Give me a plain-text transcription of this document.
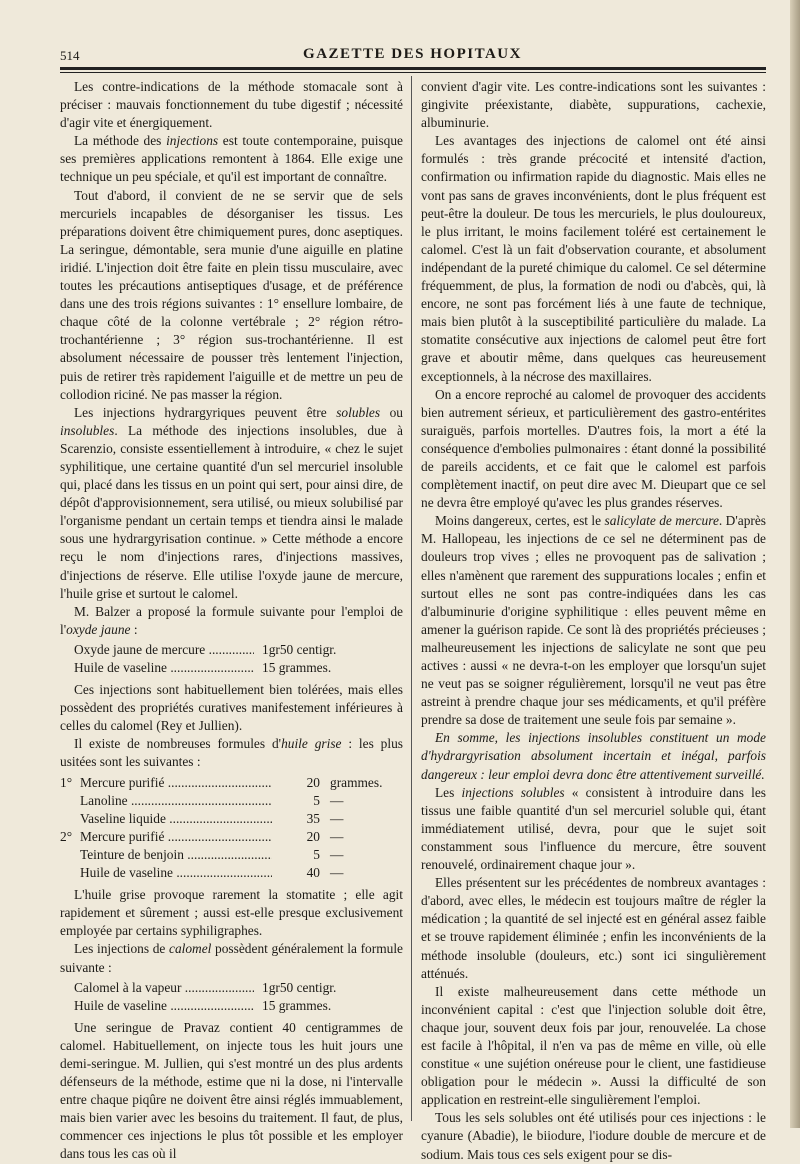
514	GAZETTE DES HOPITAUX

Les contre-indications de la méthode stomacale sont à préciser : mauvais fonctionnement du tube digestif ; nécessité d'agir vite et énergiquement.

La méthode des injections est toute contemporaine, puisque ses premières applications remontent à 1864. Elle exige une technique un peu spéciale, et qu'il est important de connaître.

Tout d'abord, il convient de ne se servir que de sels mercuriels incapables de désorganiser les tissus. Les préparations doivent être chimiquement pures, donc aseptiques. La seringue, démontable, sera munie d'une aiguille en platine iridié. L'injection doit être faite en plein tissu musculaire, avec toutes les précautions antiseptiques d'usage, et de préférence dans une des trois régions suivantes : 1° ensellure lombaire, de chaque côté de la colonne vertébrale ; 2° région rétro-trochantérienne ; 3° région sus-trochantérienne. Il est absolument nécessaire de pousser très lentement l'injection, puis de retirer très rapidement l'aiguille et de mettre un peu de collodion riciné. Ne pas masser la région.

Les injections hydrargyriques peuvent être solubles ou insolubles. La méthode des injections insolubles, due à Scarenzio, consiste essentiellement à introduire, « chez le sujet syphilitique, une certaine quantité d'un sel mercuriel insoluble qui, placé dans les tissus en un point qui sert, pour ainsi dire, de dépôt d'approvisionnement, sera utilisé, ou mieux solubilisé par l'organisme pendant un certain temps et tiendra ainsi le malade sous une hydrargyrisation continue. » Cette méthode a encore reçu le nom d'injections rares, d'injections massives, d'injections de réserve. Elle utilise l'oxyde jaune de mercure, l'huile grise et surtout le calomel.

M. Balzer a proposé la formule suivante pour l'emploi de l'oxyde jaune :

Oxyde jaune de mercure .....	1gr50 centigr.
Huile de vaseline .....	15 grammes.

Ces injections sont habituellement bien tolérées, mais elles possèdent des propriétés curatives manifestement inférieures à celles du calomel (Rey et Jullien).

Il existe de nombreuses formules d'huile grise : les plus usitées sont les suivantes :

1° Mercure purifié .....	20 grammes.
Lanoline .....	5 —
Vaseline liquide .....	35 —
2° Mercure purifié .....	20 —
Teinture de benjoin .....	5 —
Huile de vaseline .....	40 —

L'huile grise provoque rarement la stomatite ; elle agit rapidement et sûrement ; aussi est-elle presque exclusivement employée par certains syphiligraphes.

Les injections de calomel possèdent généralement la formule suivante :

Calomel à la vapeur .....	1gr50 centigr.
Huile de vaseline .....	15 grammes.

Une seringue de Pravaz contient 40 centigrammes de calomel. Habituellement, on injecte tous les huit jours une demi-seringue. M. Jullien, qui s'est montré un des plus ardents défenseurs de la méthode, estime que ni la dose, ni l'intervalle entre chaque piqûre ne doivent être ainsi réglés immuablement, mais bien varier avec les besoins du traitement. Il faut, de plus, commencer ces injections le plus tôt possible et les employer dans tous les cas où il

convient d'agir vite. Les contre-indications sont les suivantes : gingivite préexistante, diabète, suppurations, cachexie, albuminurie.

Les avantages des injections de calomel ont été ainsi formulés : très grande précocité et intensité d'action, confirmation ou infirmation rapide du diagnostic. Mais elles ne vont pas sans de graves inconvénients, dont le plus fréquent est peut-être la douleur. De tous les mercuriels, le plus douloureux, le plus irritant, le moins facilement toléré est certainement le calomel. C'est là un fait d'observation courante, et absolument indépendant de la pureté chimique du calomel. Ce sel détermine fréquemment, de plus, la formation de nodi ou d'abcès, qui, là encore, ne sont pas forcément liés à une faute de technique, mais bien plutôt à la susceptibilité particulière du malade. La stomatite consécutive aux injections de calomel peut être fort grave et aboutir même, dans quelques cas heureusement exceptionnels, à la nécrose des maxillaires.

On a encore reproché au calomel de provoquer des accidents bien autrement sérieux, et particulièrement des gastro-entérites suraiguës, parfois mortelles. D'autres fois, la mort a été la conséquence d'embolies pulmonaires : étant donné la possibilité de pareils accidents, et ce fait que le calomel est parfois complètement inactif, on peut dire avec M. Dieupart que ce sel ne devra être employé qu'avec les plus grandes réserves.

Moins dangereux, certes, est le salicylate de mercure. D'après M. Hallopeau, les injections de ce sel ne déterminent pas de douleurs trop vives ; elles ne provoquent pas de salivation ; elles n'amènent que rarement des suppurations locales ; enfin et surtout elles ne sont pas contre-indiquées dans les cas d'albuminurie d'origine syphilitique : elles peuvent même en amener la guérison rapide. Ce sont là des propriétés précieuses ; malheureusement les injections de salicylate ne sont que peu actives : aussi « ne devra-t-on les employer que lorsqu'un sujet ne veut pas se soigner régulièrement, lorsqu'il ne veut pas être astreint à prendre chaque jour ses médicaments, et qu'il préfère prendre sa dose de traitement une seule fois par semaine ».

En somme, les injections insolubles constituent un mode d'hydrargyrisation absolument incertain et inégal, parfois dangereux : leur emploi devra donc être attentivement surveillé.

Les injections solubles « consistent à introduire dans les tissus une faible quantité d'un sel mercuriel soluble qui, étant immédiatement utilisé, devra, pour que le sujet soit constamment sous l'influence du mercure, être souvent renouvelé, ordinairement chaque jour ».

Elles présentent sur les précédentes de nombreux avantages : d'abord, avec elles, le médecin est toujours maître de régler la médication ; la quantité de sel injecté est en général assez faible et se trouve rapidement éliminée ; enfin les inconvénients de la méthode insoluble (douleurs, etc.) sont ici singulièrement atténués.

Il existe malheureusement dans cette méthode un inconvénient capital : c'est que l'injection soluble doit être, chaque jour, souvent deux fois par jour, renouvelée. La chose est facile à l'hôpital, il n'en va pas de même en ville, où elle constitue « une sujétion onéreuse pour le client, une fastidieuse obligation pour le médecin ». Aussi la difficulté de son application en restreint-elle singulièrement l'emploi.

Tous les sels solubles ont été utilisés pour ces injections : le cyanure (Abadie), le biiodure, l'iodure double de mercure et de sodium. Mais tous ces sels exigent pour se dis-
